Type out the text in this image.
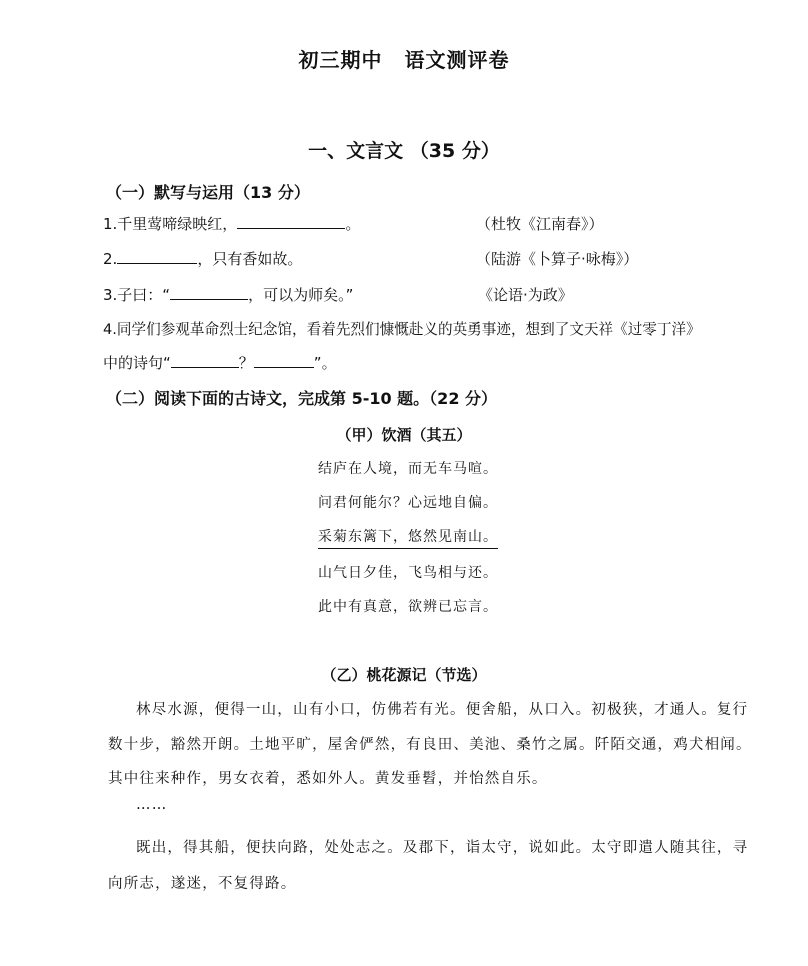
初三期中 语文测评卷
一、文言文 （35 分）
（一）默写与运用（13 分）
1.千里莺啼绿映红，	。	（杜牧《江南春》）
2.	，只有香如故。	（陆游《卜算子·咏梅》）
3.子曰：“	，可以为师矣。”	《论语·为政》
4.同学们参观革命烈士纪念馆，看着先烈们慷慨赴义的英勇事迹，想到了文天祥《过零丁洋》
中的诗句“	？	”。
（二）阅读下面的古诗文，完成第 5-10 题。（22 分）
（甲）饮酒（其五）
结庐在人境，而无车马喧。
问君何能尔？心远地自偏。
采菊东篱下，悠然见南山。
山气日夕佳，飞鸟相与还。
此中有真意，欲辨已忘言。
（乙）桃花源记（节选）
林尽水源，便得一山，山有小口，仿佛若有光。便舍船，从口入。初极狭，才通人。复行
数十步，豁然开朗。土地平旷，屋舍俨然，有良田、美池、桑竹之属。阡陌交通，鸡犬相闻。
其中往来种作，男女衣着，悉如外人。黄发垂髫，并怡然自乐。
……
既出，得其船，便扶向路，处处志之。及郡下，诣太守，说如此。太守即遣人随其往，寻
向所志，遂迷，不复得路。
